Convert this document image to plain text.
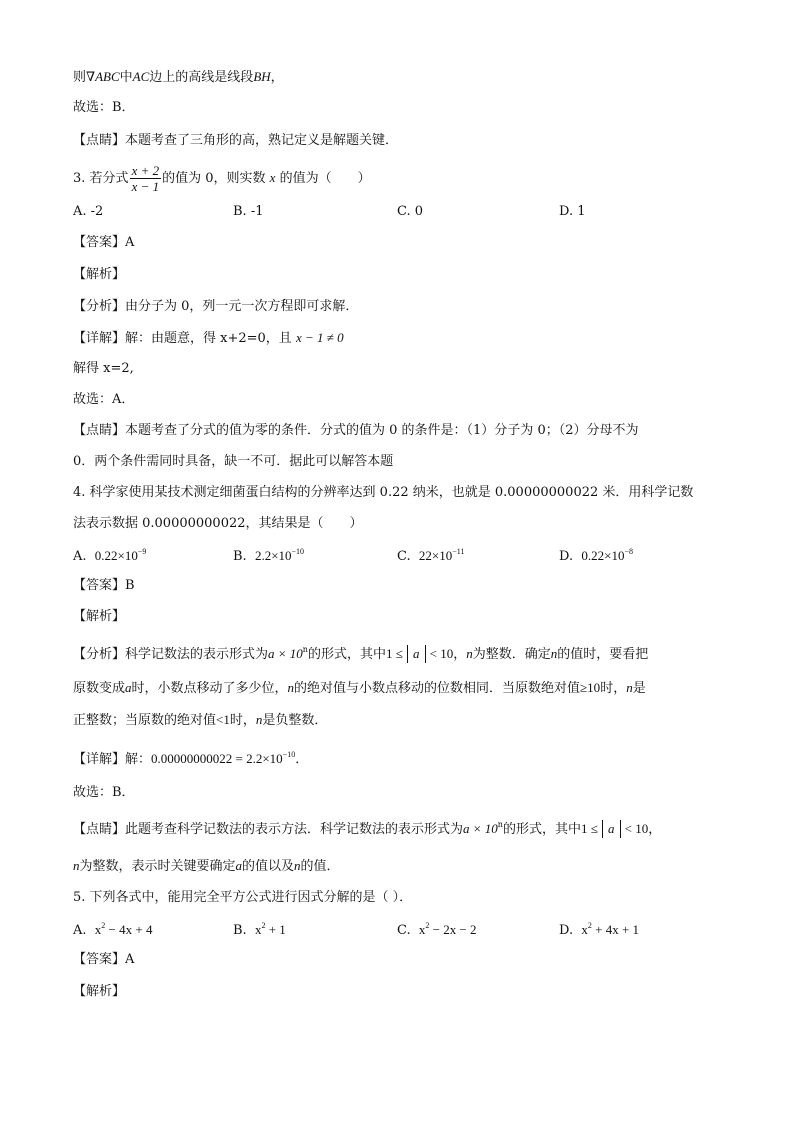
则∇ABC中AC边上的高线是线段BH，
故选：B．
【点睛】本题考查了三角形的高，熟记定义是解题关键．
3. 若分式 $\frac{x + 2}{x - 1}$ 的值为 0，则实数 x 的值为（　　）
A. -2	B. -1	C. 0	D. 1
【答案】A
【解析】
【分析】由分子为 0，列一元一次方程即可求解．
【详解】解：由题意，得 x+2=0，且 x − 1 ≠ 0
解得 x=2,
故选：A．
【点睛】本题考查了分式的值为零的条件．分式的值为 0 的条件是：（1）分子为 0；（2）分母不为
0．两个条件需同时具备，缺一不可．据此可以解答本题
4. 科学家使用某技术测定细菌蛋白结构的分辨率达到 0.22 纳米，也就是 0.00000000022 米．用科学记数
法表示数据 0.00000000022，其结果是（　　）
A. $0.22\times 10^{-9}$	B. $2.2\times 10^{-10}$	C. $22\times 10^{-11}$	D. $0.22\times 10^{-8}$
【答案】B
【解析】
【分析】科学记数法的表示形式为$a \times 10^n$的形式，其中1 ≤ a < 10，n为整数．确定n的值时，要看把
原数变成a时，小数点移动了多少位，n的绝对值与小数点移动的位数相同．当原数绝对值≥10时，n是
正整数；当原数的绝对值<1时，n是负整数．
【详解】解：$0.00000000022 = 2.2\times 10^{-10}$．
故选：B．
【点睛】此题考查科学记数法的表示方法．科学记数法的表示形式为$a \times 10^n$的形式，其中1 ≤ a < 10，
n为整数，表示时关键要确定a的值以及n的值．
5. 下列各式中，能用完全平方公式进行因式分解的是（ ）．
A. $x^2 - 4x + 4$	B. $x^2 + 1$	C. $x^2 - 2x - 2$	D. $x^2 + 4x + 1$
【答案】A
【解析】
